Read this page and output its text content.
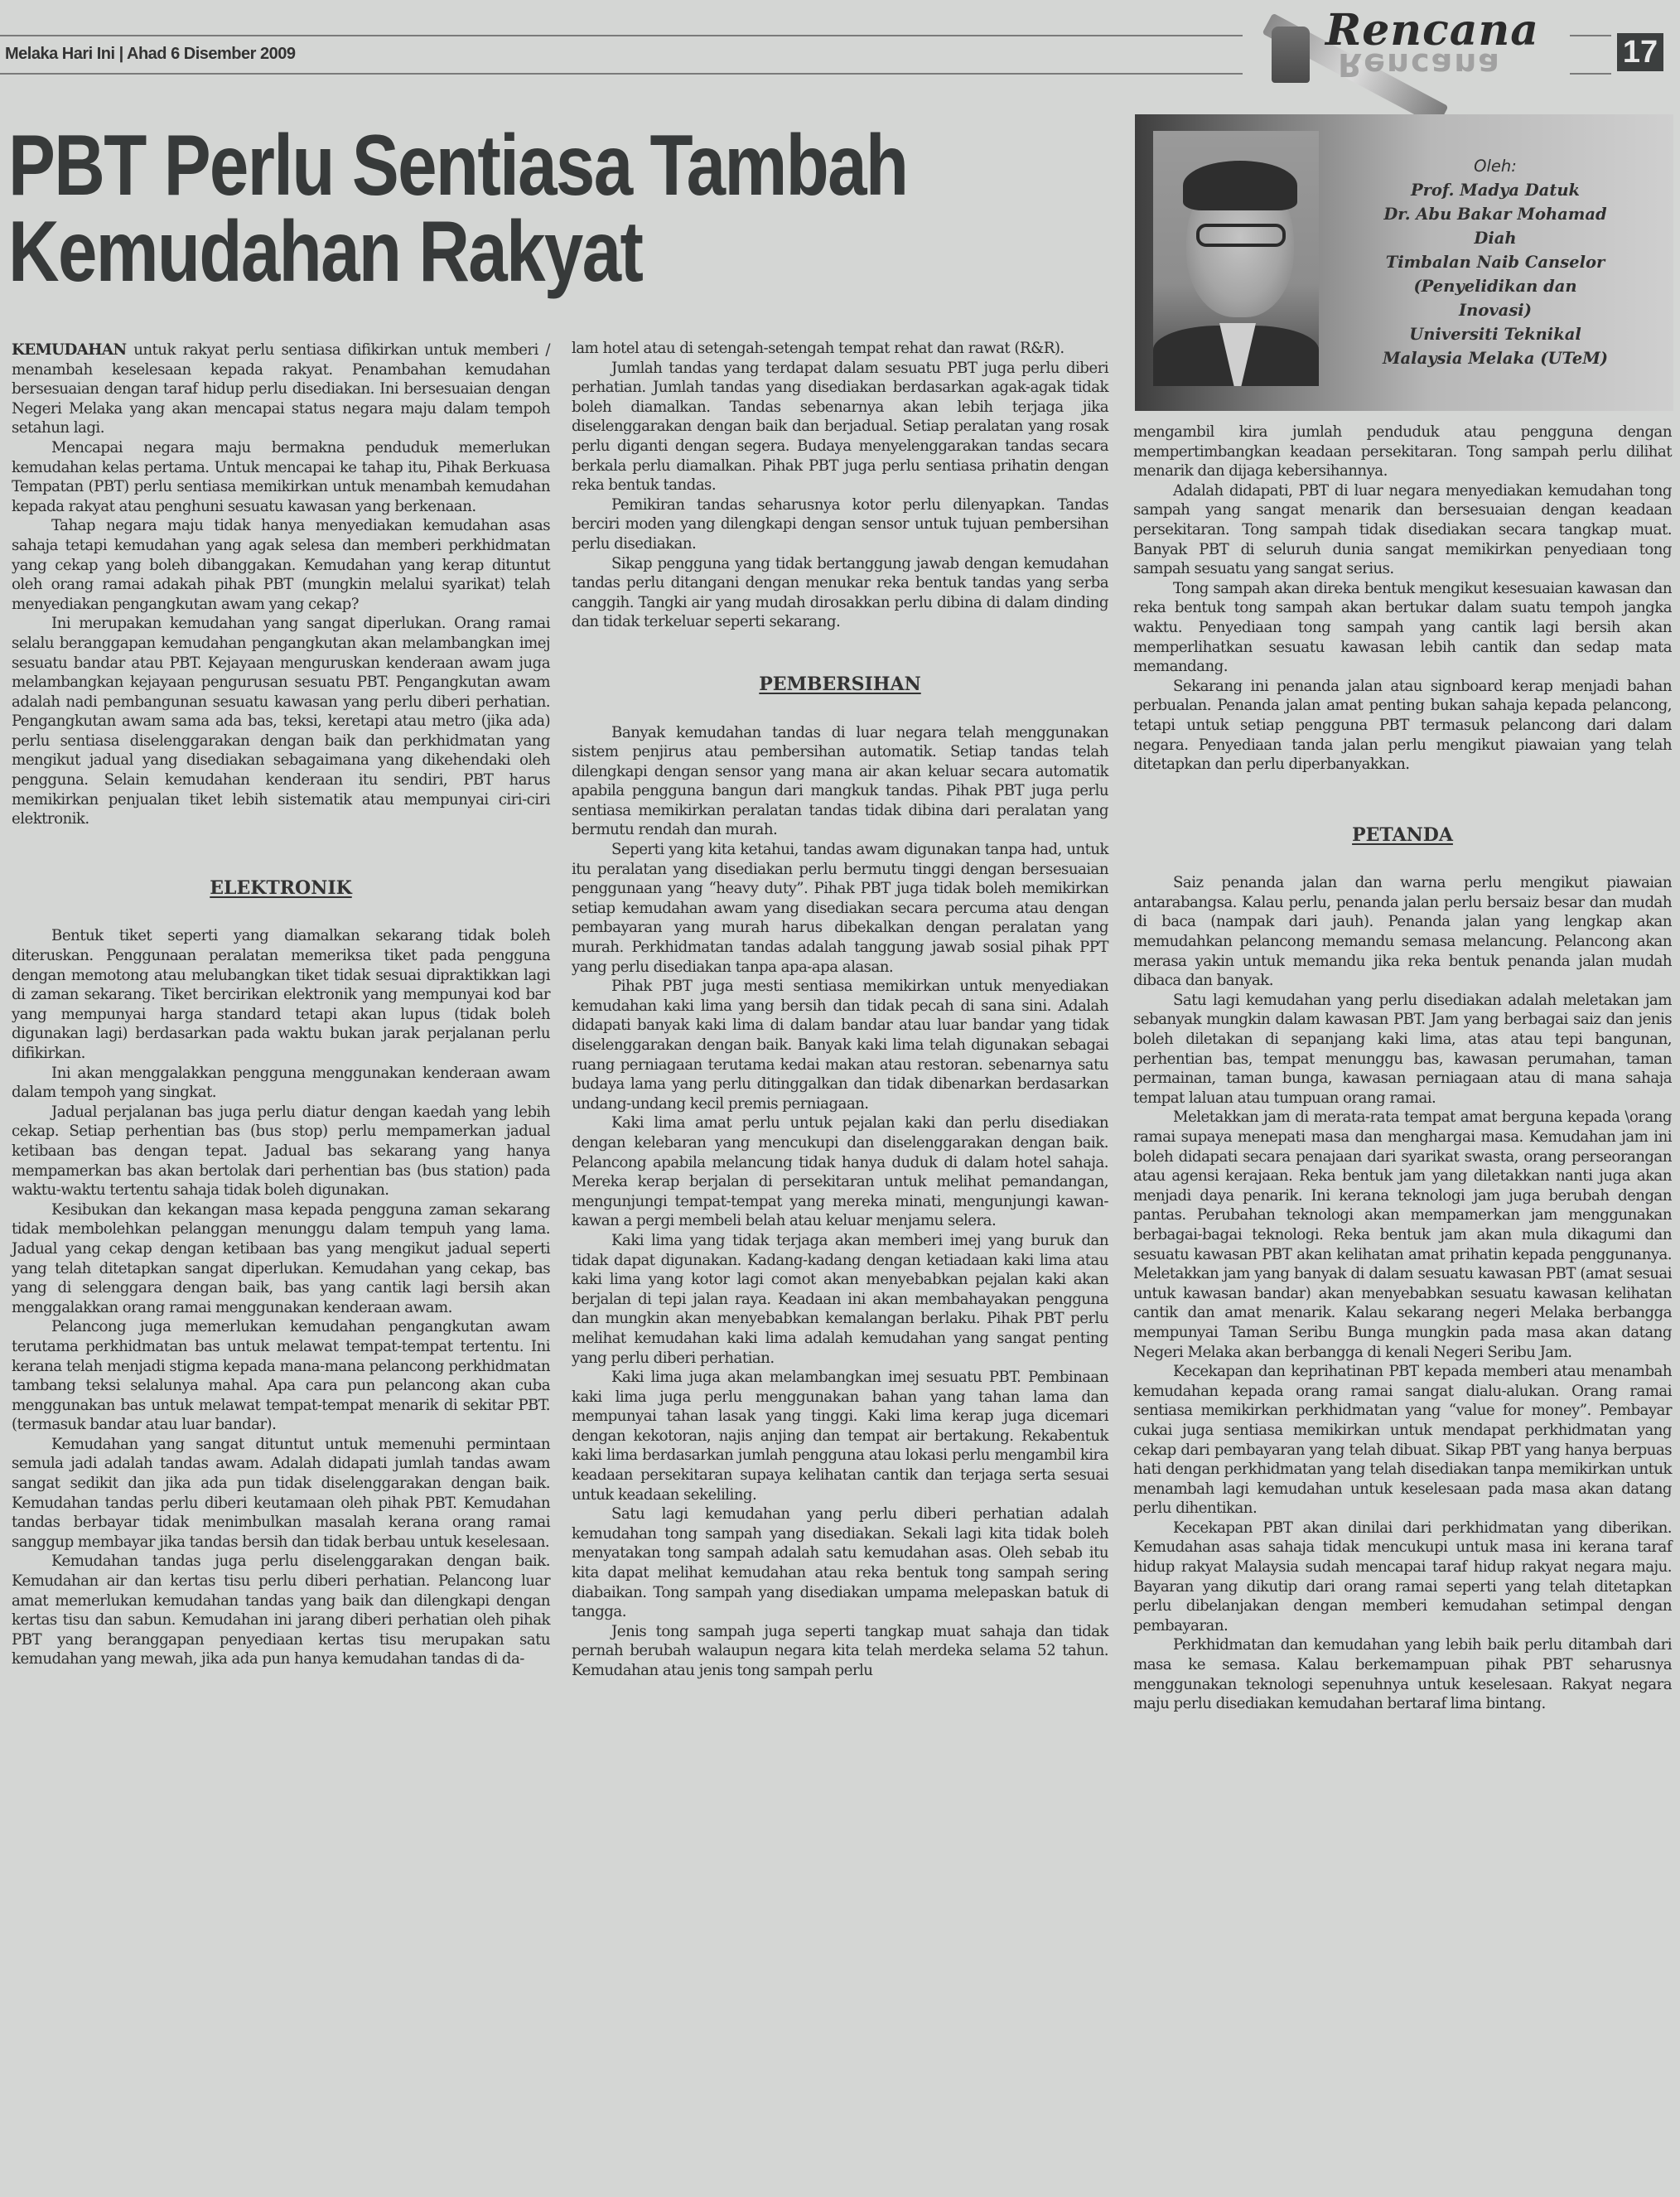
Melaka Hari Ini | Ahad 6 Disember 2009	Rencana
Rencana	17
PBT Perlu Sentiasa Tambah
Kemudahan Rakyat
Oleh:
Prof. Madya Datuk
Dr. Abu Bakar Mohamad
Diah
Timbalan Naib Canselor
(Penyelidikan dan
Inovasi)
Universiti Teknikal
Malaysia Melaka (UTeM)

KEMUDAHAN untuk rakyat perlu sentiasa difikirkan untuk memberi / menambah keselesaan kepada rakyat. Penambahan kemudahan bersesuaian dengan taraf hidup perlu disediakan. Ini bersesuaian dengan Negeri Melaka yang akan mencapai status negara maju dalam tempoh setahun lagi.

Mencapai negara maju bermakna penduduk memerlukan kemudahan kelas pertama. Untuk mencapai ke tahap itu, Pihak Berkuasa Tempatan (PBT) perlu sentiasa memikirkan untuk menambah kemudahan kepada rakyat atau penghuni sesuatu kawasan yang berkenaan.

Tahap negara maju tidak hanya menyediakan kemudahan asas sahaja tetapi kemudahan yang agak selesa dan memberi perkhidmatan yang cekap yang boleh dibanggakan. Kemudahan yang kerap dituntut oleh orang ramai adakah pihak PBT (mungkin melalui syarikat) telah menyediakan pengangkutan awam yang cekap?

Ini merupakan kemudahan yang sangat diperlukan. Orang ramai selalu beranggapan kemudahan pengangkutan akan melambangkan imej sesuatu bandar atau PBT. Kejayaan menguruskan kenderaan awam juga melambangkan kejayaan pengurusan sesuatu PBT. Pengangkutan awam adalah nadi pembangunan sesuatu kawasan yang perlu diberi perhatian. Pengangkutan awam sama ada bas, teksi, keretapi atau metro (jika ada) perlu sentiasa diselenggarakan dengan baik dan perkhidmatan yang mengikut jadual yang disediakan sebagaimana yang dikehendaki oleh pengguna. Selain kemudahan kenderaan itu sendiri, PBT harus memikirkan penjualan tiket lebih sistematik atau mempunyai ciri-ciri elektronik.

ELEKTRONIK

Bentuk tiket seperti yang diamalkan sekarang tidak boleh diteruskan. Penggunaan peralatan memeriksa tiket pada pengguna dengan memotong atau melubangkan tiket tidak sesuai dipraktikkan lagi di zaman sekarang. Tiket bercirikan elektronik yang mempunyai kod bar yang mempunyai harga standard tetapi akan lupus (tidak boleh digunakan lagi) berdasarkan pada waktu bukan jarak perjalanan perlu difikirkan.

Ini akan menggalakkan pengguna menggunakan kenderaan awam dalam tempoh yang singkat.

Jadual perjalanan bas juga perlu diatur dengan kaedah yang lebih cekap. Setiap perhentian bas (bus stop) perlu mempamerkan jadual ketibaan bas dengan tepat. Jadual bas sekarang yang hanya mempamerkan bas akan bertolak dari perhentian bas (bus station) pada waktu-waktu tertentu sahaja tidak boleh digunakan.

Kesibukan dan kekangan masa kepada pengguna zaman sekarang tidak membolehkan pelanggan menunggu dalam tempuh yang lama. Jadual yang cekap dengan ketibaan bas yang mengikut jadual seperti yang telah ditetapkan sangat diperlukan. Kemudahan yang cekap, bas yang di selenggara dengan baik, bas yang cantik lagi bersih akan menggalakkan orang ramai menggunakan kenderaan awam.

Pelancong juga memerlukan kemudahan pengangkutan awam terutama perkhidmatan bas untuk melawat tempat-tempat tertentu. Ini kerana telah menjadi stigma kepada mana-mana pelancong perkhidmatan tambang teksi selalunya mahal. Apa cara pun pelancong akan cuba menggunakan bas untuk melawat tempat-tempat menarik di sekitar PBT. (termasuk bandar atau luar bandar).

Kemudahan yang sangat dituntut untuk memenuhi permintaan semula jadi adalah tandas awam. Adalah didapati jumlah tandas awam sangat sedikit dan jika ada pun tidak diselenggarakan dengan baik. Kemudahan tandas perlu diberi keutamaan oleh pihak PBT. Kemudahan tandas berbayar tidak menimbulkan masalah kerana orang ramai sanggup membayar jika tandas bersih dan tidak berbau untuk keselesaan.

Kemudahan tandas juga perlu diselenggarakan dengan baik. Kemudahan air dan kertas tisu perlu diberi perhatian. Pelancong luar amat memerlukan kemudahan tandas yang baik dan dilengkapi dengan kertas tisu dan sabun. Kemudahan ini jarang diberi perhatian oleh pihak PBT yang beranggapan penyediaan kertas tisu merupakan satu kemudahan yang mewah, jika ada pun hanya kemudahan tandas di da-

lam hotel atau di setengah-setengah tempat rehat dan rawat (R&R).

Jumlah tandas yang terdapat dalam sesuatu PBT juga perlu diberi perhatian. Jumlah tandas yang disediakan berdasarkan agak-agak tidak boleh diamalkan. Tandas sebenarnya akan lebih terjaga jika diselenggarakan dengan baik dan berjadual. Setiap peralatan yang rosak perlu diganti dengan segera. Budaya menyelenggarakan tandas secara berkala perlu diamalkan. Pihak PBT juga perlu sentiasa prihatin dengan reka bentuk tandas.

Pemikiran tandas seharusnya kotor perlu dilenyapkan. Tandas berciri moden yang dilengkapi dengan sensor untuk tujuan pembersihan perlu disediakan.

Sikap pengguna yang tidak bertanggung jawab dengan kemudahan tandas perlu ditangani dengan menukar reka bentuk tandas yang serba canggih. Tangki air yang mudah dirosakkan perlu dibina di dalam dinding dan tidak terkeluar seperti sekarang.

PEMBERSIHAN

Banyak kemudahan tandas di luar negara telah menggunakan sistem penjirus atau pembersihan automatik. Setiap tandas telah dilengkapi dengan sensor yang mana air akan keluar secara automatik apabila pengguna bangun dari mangkuk tandas. Pihak PBT juga perlu sentiasa memikirkan peralatan tandas tidak dibina dari peralatan yang bermutu rendah dan murah.

Seperti yang kita ketahui, tandas awam digunakan tanpa had, untuk itu peralatan yang disediakan perlu bermutu tinggi dengan bersesuaian penggunaan yang “heavy duty”. Pihak PBT juga tidak boleh memikirkan setiap kemudahan awam yang disediakan secara percuma atau dengan pembayaran yang murah harus dibekalkan dengan peralatan yang murah. Perkhidmatan tandas adalah tanggung jawab sosial pihak PPT yang perlu disediakan tanpa apa-apa alasan.

Pihak PBT juga mesti sentiasa memikirkan untuk menyediakan kemudahan kaki lima yang bersih dan tidak pecah di sana sini. Adalah didapati banyak kaki lima di dalam bandar atau luar bandar yang tidak diselenggarakan dengan baik. Banyak kaki lima telah digunakan sebagai ruang perniagaan terutama kedai makan atau restoran. sebenarnya satu budaya lama yang perlu ditinggalkan dan tidak dibenarkan berdasarkan undang-undang kecil premis perniagaan.

Kaki lima amat perlu untuk pejalan kaki dan perlu disediakan dengan kelebaran yang mencukupi dan diselenggarakan dengan baik. Pelancong apabila melancung tidak hanya duduk di dalam hotel sahaja. Mereka kerap berjalan di persekitaran untuk melihat pemandangan, mengunjungi tempat-tempat yang mereka minati, mengunjungi kawan-kawan a pergi membeli belah atau keluar menjamu selera.

Kaki lima yang tidak terjaga akan memberi imej yang buruk dan tidak dapat digunakan. Kadang-kadang dengan ketiadaan kaki lima atau kaki lima yang kotor lagi comot akan menyebabkan pejalan kaki akan berjalan di tepi jalan raya. Keadaan ini akan membahayakan pengguna dan mungkin akan menyebabkan kemalangan berlaku. Pihak PBT perlu melihat kemudahan kaki lima adalah kemudahan yang sangat penting yang perlu diberi perhatian.

Kaki lima juga akan melambangkan imej sesuatu PBT. Pembinaan kaki lima juga perlu menggunakan bahan yang tahan lama dan mempunyai tahan lasak yang tinggi. Kaki lima kerap juga dicemari dengan kekotoran, najis anjing dan tempat air bertakung. Rekabentuk kaki lima berdasarkan jumlah pengguna atau lokasi perlu mengambil kira keadaan persekitaran supaya kelihatan cantik dan terjaga serta sesuai untuk keadaan sekeliling.

Satu lagi kemudahan yang perlu diberi perhatian adalah kemudahan tong sampah yang disediakan. Sekali lagi kita tidak boleh menyatakan tong sampah adalah satu kemudahan asas. Oleh sebab itu kita dapat melihat kemudahan atau reka bentuk tong sampah sering diabaikan. Tong sampah yang disediakan umpama melepaskan batuk di tangga.

Jenis tong sampah juga seperti tangkap muat sahaja dan tidak pernah berubah walaupun negara kita telah merdeka selama 52 tahun. Kemudahan atau jenis tong sampah perlu

mengambil kira jumlah penduduk atau pengguna dengan mempertimbangkan keadaan persekitaran. Tong sampah perlu dilihat menarik dan dijaga kebersihannya.

Adalah didapati, PBT di luar negara menyediakan kemudahan tong sampah yang sangat menarik dan bersesuaian dengan keadaan persekitaran. Tong sampah tidak disediakan secara tangkap muat. Banyak PBT di seluruh dunia sangat memikirkan penyediaan tong sampah sesuatu yang sangat serius.

Tong sampah akan direka bentuk mengikut kesesuaian kawasan dan reka bentuk tong sampah akan bertukar dalam suatu tempoh jangka waktu. Penyediaan tong sampah yang cantik lagi bersih akan memperlihatkan sesuatu kawasan lebih cantik dan sedap mata memandang.

Sekarang ini penanda jalan atau signboard kerap menjadi bahan perbualan. Penanda jalan amat penting bukan sahaja kepada pelancong, tetapi untuk setiap pengguna PBT termasuk pelancong dari dalam negara. Penyediaan tanda jalan perlu mengikut piawaian yang telah ditetapkan dan perlu diperbanyakkan.

PETANDA

Saiz penanda jalan dan warna perlu mengikut piawaian antarabangsa. Kalau perlu, penanda jalan perlu bersaiz besar dan mudah di baca (nampak dari jauh). Penanda jalan yang lengkap akan memudahkan pelancong memandu semasa melancung. Pelancong akan merasa yakin untuk memandu jika reka bentuk penanda jalan mudah dibaca dan banyak.

Satu lagi kemudahan yang perlu disediakan adalah meletakan jam sebanyak mungkin dalam kawasan PBT. Jam yang berbagai saiz dan jenis boleh diletakan di sepanjang kaki lima, atas atau tepi bangunan, perhentian bas, tempat menunggu bas, kawasan perumahan, taman permainan, taman bunga, kawasan perniagaan atau di mana sahaja tempat laluan atau tumpuan orang ramai.

Meletakkan jam di merata-rata tempat amat berguna kepada \orang ramai supaya menepati masa dan menghargai masa. Kemudahan jam ini boleh didapati secara penajaan dari syarikat swasta, orang perseorangan atau agensi kerajaan. Reka bentuk jam yang diletakkan nanti juga akan menjadi daya penarik. Ini kerana teknologi jam juga berubah dengan pantas. Perubahan teknologi akan mempamerkan jam menggunakan berbagai-bagai teknologi. Reka bentuk jam akan mula dikagumi dan sesuatu kawasan PBT akan kelihatan amat prihatin kepada penggunanya. Meletakkan jam yang banyak di dalam sesuatu kawasan PBT (amat sesuai untuk kawasan bandar) akan menyebabkan sesuatu kawasan kelihatan cantik dan amat menarik. Kalau sekarang negeri Melaka berbangga mempunyai Taman Seribu Bunga mungkin pada masa akan datang Negeri Melaka akan berbangga di kenali Negeri Seribu Jam.

Kecekapan dan keprihatinan PBT kepada memberi atau menambah kemudahan kepada orang ramai sangat dialu-alukan. Orang ramai sentiasa memikirkan perkhidmatan yang “value for money”. Pembayar cukai juga sentiasa memikirkan untuk mendapat perkhidmatan yang cekap dari pembayaran yang telah dibuat. Sikap PBT yang hanya berpuas hati dengan perkhidmatan yang telah disediakan tanpa memikirkan untuk menambah lagi kemudahan untuk keselesaan pada masa akan datang perlu dihentikan.

Kecekapan PBT akan dinilai dari perkhidmatan yang diberikan. Kemudahan asas sahaja tidak mencukupi untuk masa ini kerana taraf hidup rakyat Malaysia sudah mencapai taraf hidup rakyat negara maju. Bayaran yang dikutip dari orang ramai seperti yang telah ditetapkan perlu dibelanjakan dengan memberi kemudahan setimpal dengan pembayaran.

Perkhidmatan dan kemudahan yang lebih baik perlu ditambah dari masa ke semasa. Kalau berkemampuan pihak PBT seharusnya menggunakan teknologi sepenuhnya untuk keselesaan. Rakyat negara maju perlu disediakan kemudahan bertaraf lima bintang.
